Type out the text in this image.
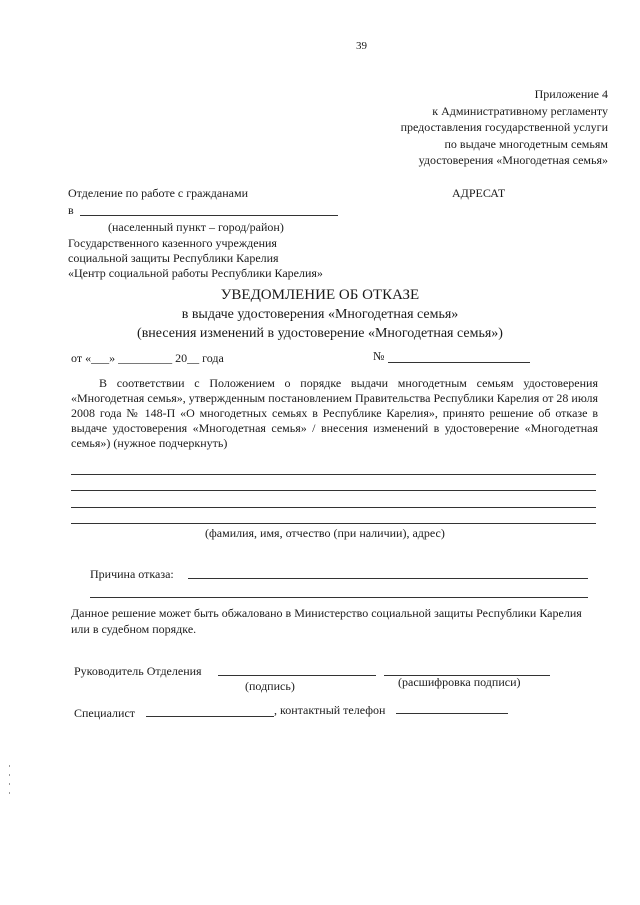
39
Приложение 4
к Административному регламенту
предоставления государственной услуги
по выдаче многодетным семьям
удостоверения «Многодетная семья»
Отделение по работе с гражданами
в
(населенный пункт – город/район)
Государственного казенного учреждения
социальной защиты Республики Карелия
«Центр социальной работы Республики Карелия»
АДРЕСАТ
УВЕДОМЛЕНИЕ ОБ ОТКАЗЕ
в выдаче удостоверения «Многодетная семья»
(внесения изменений в удостоверение «Многодетная семья»)
от «___» _________ 20__ года	№
В соответствии с Положением о порядке выдачи многодетным семьям удостоверения «Многодетная семья», утвержденным постановлением Правительства Республики Карелия от 28 июля 2008 года № 148-П «О многодетных семьях в Республике Карелия», принято решение об отказе в выдаче удостоверения «Многодетная семья» / внесения изменений в удостоверение «Многодетная семья») (нужное подчеркнуть)
(фамилия, имя, отчество (при наличии), адрес)
Причина отказа:
Данное решение может быть обжаловано в Министерство социальной защиты Республики Карелия или в судебном порядке.
Руководитель Отделения
(подпись)	(расшифровка подписи)
Специалист	, контактный телефон
